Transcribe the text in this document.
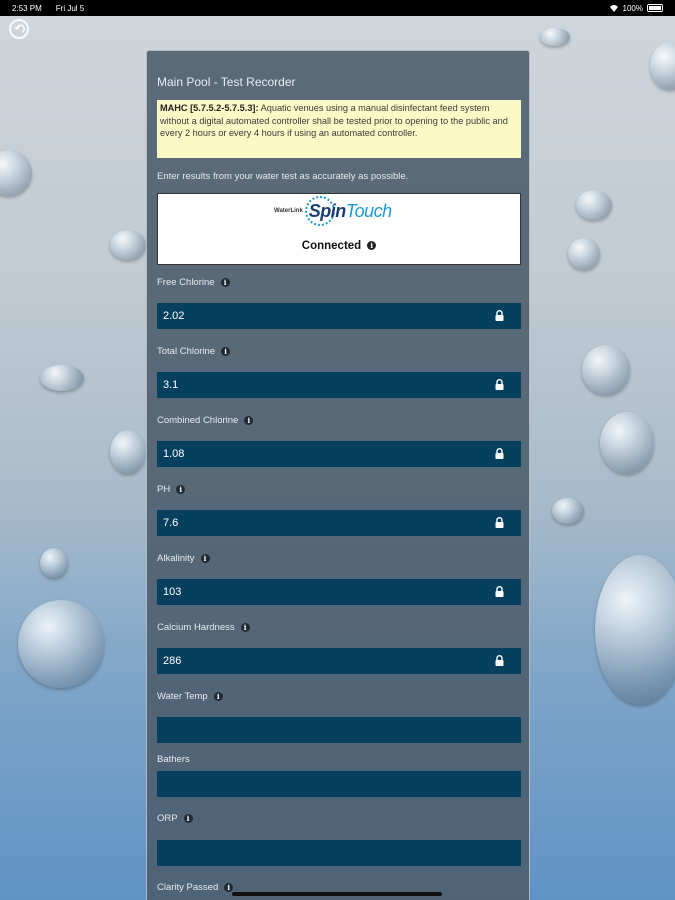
2:53 PM Fri Jul 5	100%
Main Pool - Test Recorder
MAHC [5.7.5.2-5.7.5.3]: Aquatic venues using a manual disinfectant feed system without a digital automated controller shall be tested prior to opening to the public and every 2 hours or every 4 hours if using an automated controller.
Enter results from your water test as accurately as possible.
WaterLink SpinTouch
Connected i
Free Chlorine	i
2.02
Total Chlorine	i
3.1
Combined Chlorine	i
1.08
PH	i
7.6
Alkalinity	i
103
Calcium Hardness	i
286
Water Temp	i
Bathers
ORP	i
Clarity Passed	i
